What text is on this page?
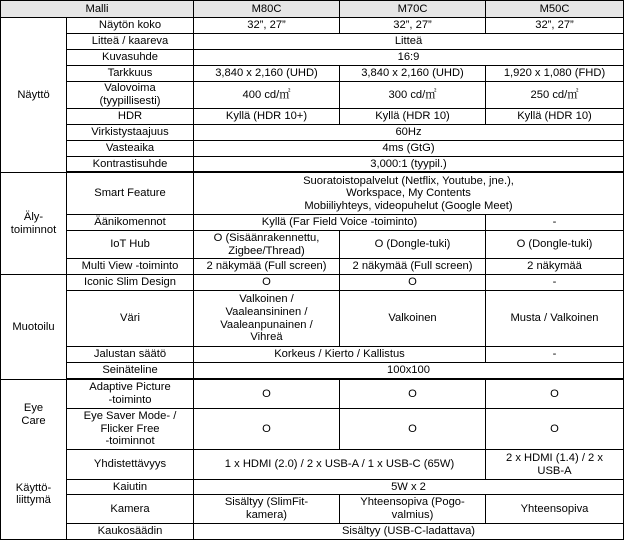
Malli		M80C	M70C	M50C
Näyttö	Näytön koko	32”, 27”	32”, 27”	32”, 27”
	Litteä / kaareva	Litteä		
	Kuvasuhde	16:9		
	Tarkkuus	3,840 x 2,160 (UHD)	3,840 x 2,160 (UHD)	1,920 x 1,080 (FHD)
	Valovoima
(tyypillisesti)	400 cd/㎡	300 cd/㎡	250 cd/㎡
	HDR	Kyllä (HDR 10+)	Kyllä (HDR 10)	Kyllä (HDR 10)
	Virkistystaajuus	60Hz		
	Vasteaika	4ms (GtG)		
	Kontrastisuhde	3,000:1 (tyypil.)		

Äly-
toiminnot	Smart Feature	Suoratoistopalvelut (Netflix, Youtube, jne.),
Workspace, My Contents
Mobiiliyhteys, videopuhelut (Google Meet)		
	Äänikomennot	Kyllä (Far Field Voice -toiminto)		-
	IoT Hub	O (Sisäänrakennettu,
Zigbee/Thread)	O (Dongle-tuki)	O (Dongle-tuki)
	Multi View -toiminto	2 näkymää (Full screen)	2 näkymää (Full screen)	2 näkymää
Muotoilu	Iconic Slim Design	O	O	-
	Väri	Valkoinen /
Vaaleansininen /
Vaaleanpunainen /
Vihreä	Valkoinen	Musta / Valkoinen
	Jalustan säätö	Korkeus / Kierto / Kallistus		-
	Seinäteline	100x100		

Eye
Care	Adaptive Picture
-toiminto	O	O	O
	Eye Saver Mode- /
Flicker Free
-toiminnot	O	O	O
Käyttö-
liittymä	Yhdistettävyys	1 x HDMI (2.0) / 2 x USB-A / 1 x USB-C (65W)		2 x HDMI (1.4) / 2 x
USB-A
	Kaiutin	5W x 2		
	Kamera	Sisältyy (SlimFit-
kamera)	Yhteensopiva (Pogo-
valmius)	Yhteensopiva
	Kaukosäädin	Sisältyy (USB-C-ladattava)		
